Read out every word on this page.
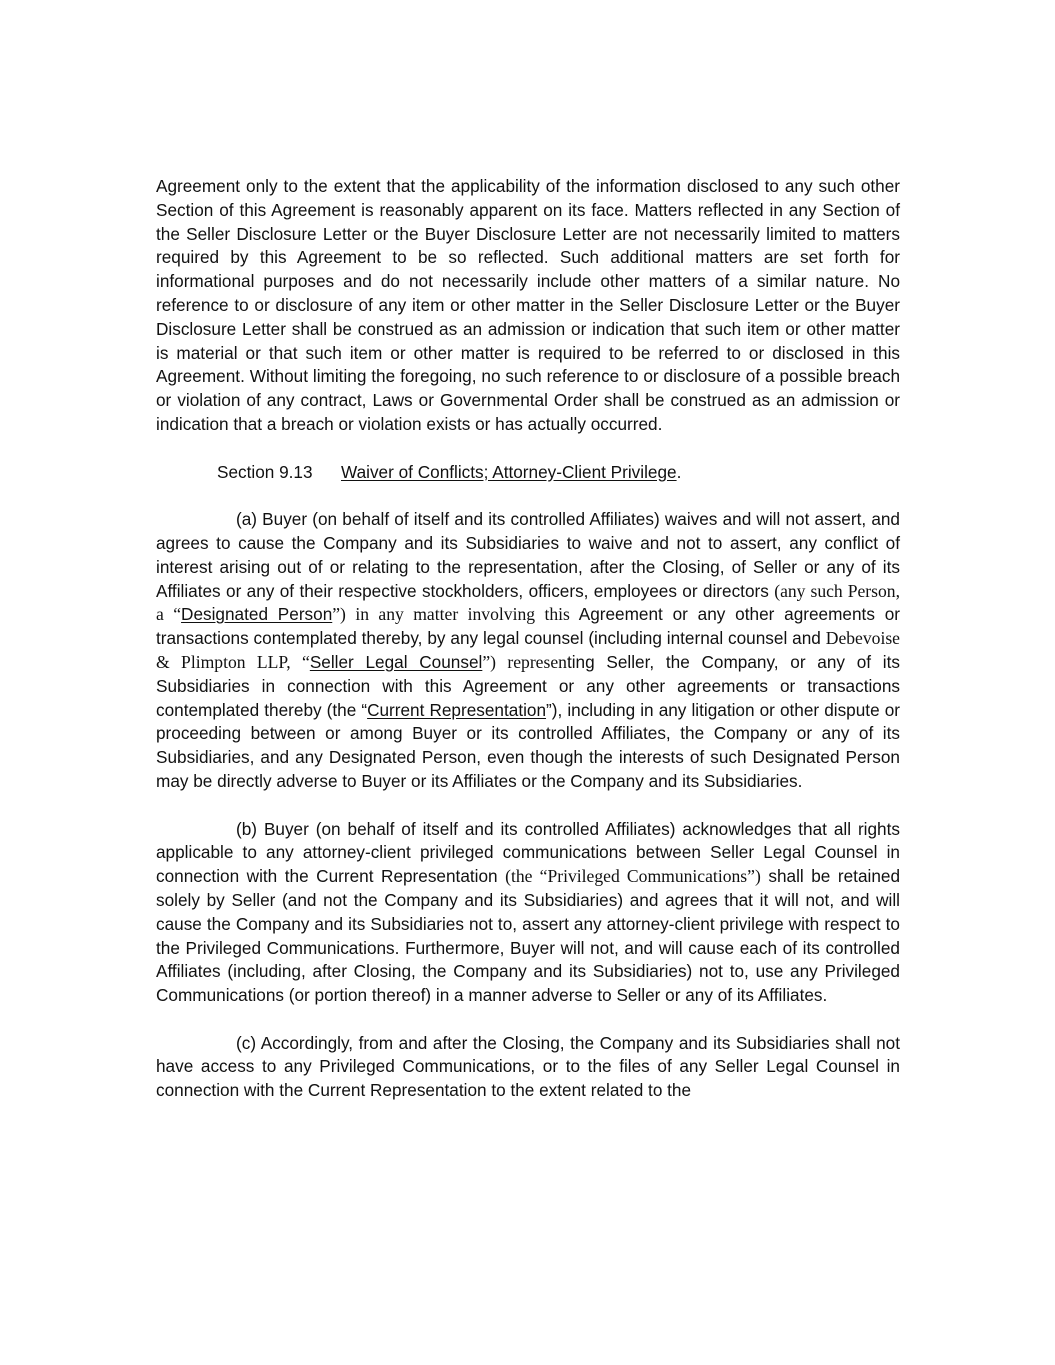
Agreement only to the extent that the applicability of the information disclosed to any such other Section of this Agreement is reasonably apparent on its face. Matters reflected in any Section of the Seller Disclosure Letter or the Buyer Disclosure Letter are not necessarily limited to matters required by this Agreement to be so reflected. Such additional matters are set forth for informational purposes and do not necessarily include other matters of a similar nature. No reference to or disclosure of any item or other matter in the Seller Disclosure Letter or the Buyer Disclosure Letter shall be construed as an admission or indication that such item or other matter is material or that such item or other matter is required to be referred to or disclosed in this Agreement. Without limiting the foregoing, no such reference to or disclosure of a possible breach or violation of any contract, Laws or Governmental Order shall be construed as an admission or indication that a breach or violation exists or has actually occurred.

Section 9.13 Waiver of Conflicts; Attorney-Client Privilege.

(a) Buyer (on behalf of itself and its controlled Affiliates) waives and will not assert, and agrees to cause the Company and its Subsidiaries to waive and not to assert, any conflict of interest arising out of or relating to the representation, after the Closing, of Seller or any of its Affiliates or any of their respective stockholders, officers, employees or directors (any such Person, a “Designated Person”) in any matter involving this Agreement or any other agreements or transactions contemplated thereby, by any legal counsel (including internal counsel and Debevoise & Plimpton LLP, “Seller Legal Counsel”) representing Seller, the Company, or any of its Subsidiaries in connection with this Agreement or any other agreements or transactions contemplated thereby (the “Current Representation”), including in any litigation or other dispute or proceeding between or among Buyer or its controlled Affiliates, the Company or any of its Subsidiaries, and any Designated Person, even though the interests of such Designated Person may be directly adverse to Buyer or its Affiliates or the Company and its Subsidiaries.

(b) Buyer (on behalf of itself and its controlled Affiliates) acknowledges that all rights applicable to any attorney-client privileged communications between Seller Legal Counsel in connection with the Current Representation (the “Privileged Communications”) shall be retained solely by Seller (and not the Company and its Subsidiaries) and agrees that it will not, and will cause the Company and its Subsidiaries not to, assert any attorney-client privilege with respect to the Privileged Communications. Furthermore, Buyer will not, and will cause each of its controlled Affiliates (including, after Closing, the Company and its Subsidiaries) not to, use any Privileged Communications (or portion thereof) in a manner adverse to Seller or any of its Affiliates.

(c) Accordingly, from and after the Closing, the Company and its Subsidiaries shall not have access to any Privileged Communications, or to the files of any Seller Legal Counsel in connection with the Current Representation to the extent related to the
